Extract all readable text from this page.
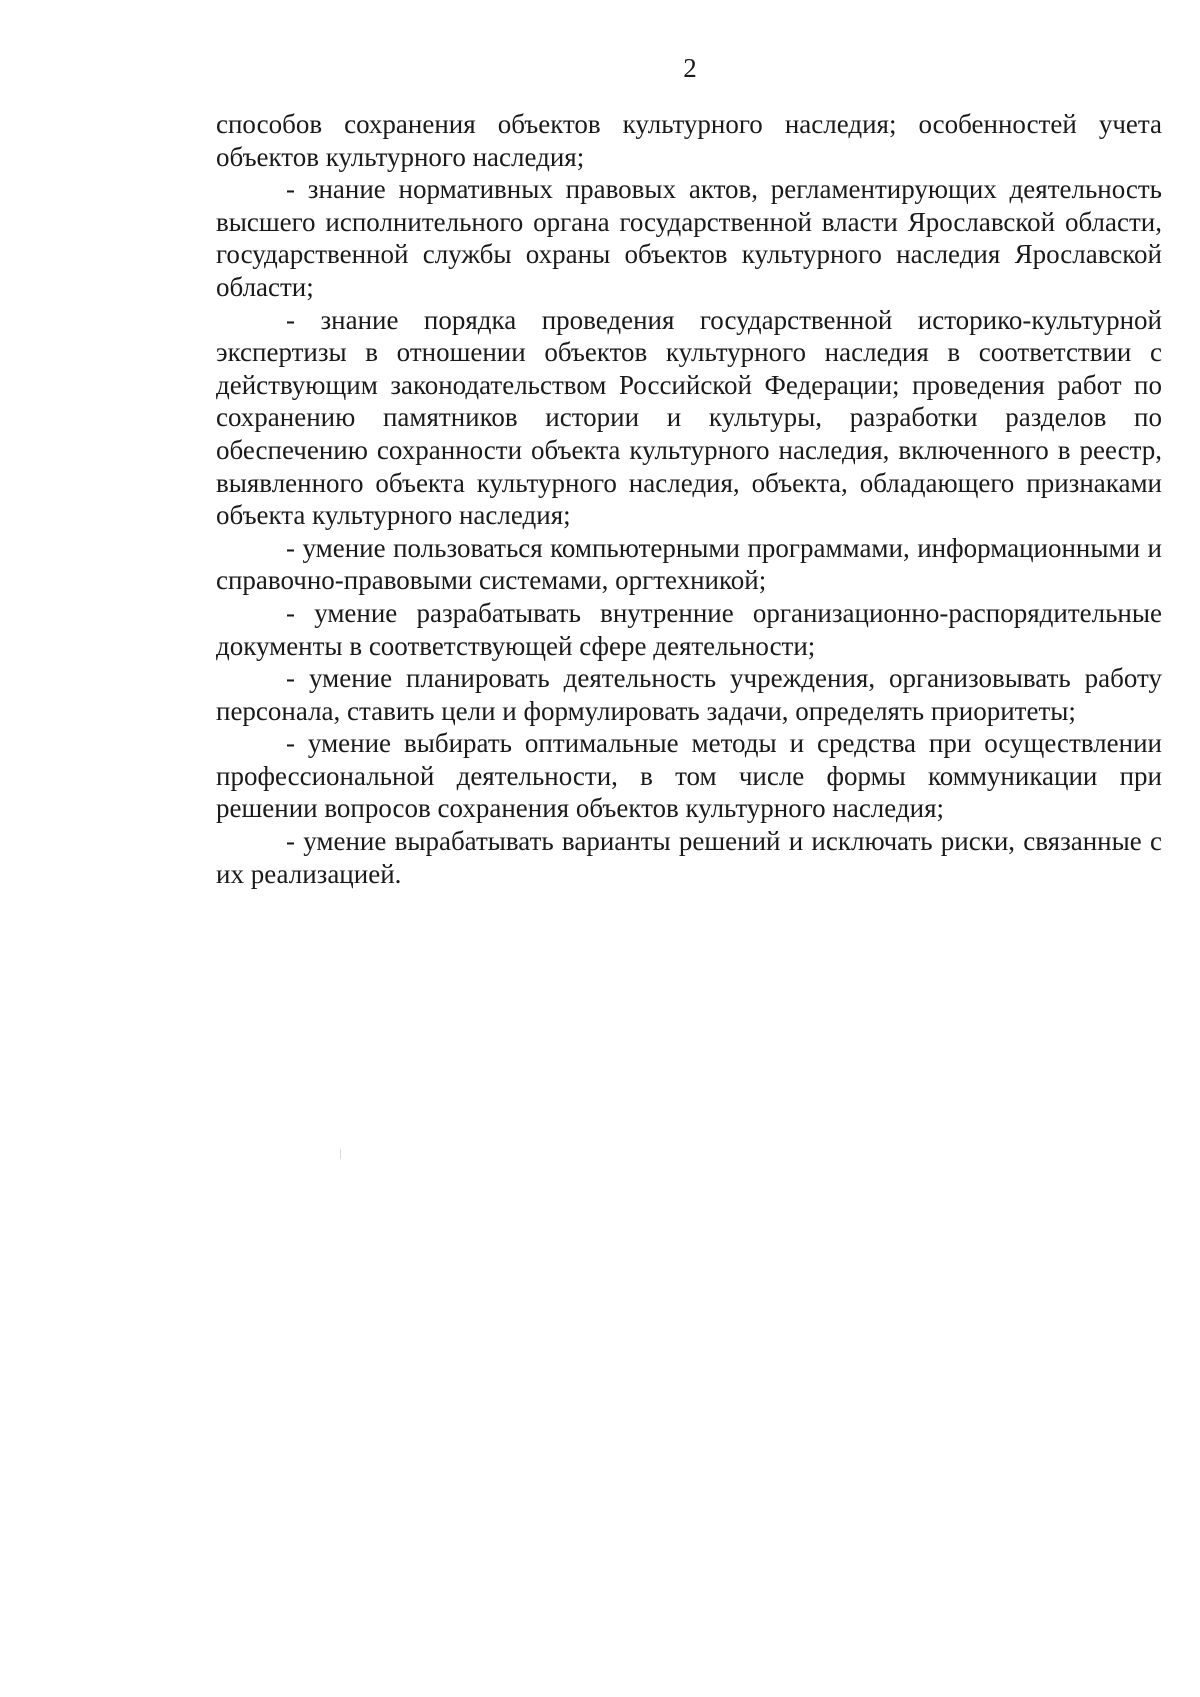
2

способов сохранения объектов культурного наследия; особенностей учета объектов культурного наследия;

- знание нормативных правовых актов, регламентирующих деятельность высшего исполнительного органа государственной власти Ярославской области, государственной службы охраны объектов культурного наследия Ярославской области;

- знание порядка проведения государственной историко-культурной экспертизы в отношении объектов культурного наследия в соответствии с действующим законодательством Российской Федерации; проведения работ по сохранению памятников истории и культуры, разработки разделов по обеспечению сохранности объекта культурного наследия, включенного в реестр, выявленного объекта культурного наследия, объекта, обладающего признаками объекта культурного наследия;

- умение пользоваться компьютерными программами, информационными и справочно-правовыми системами, оргтехникой;

- умение разрабатывать внутренние организационно-распорядительные документы в соответствующей сфере деятельности;

- умение планировать деятельность учреждения, организовывать работу персонала, ставить цели и формулировать задачи, определять приоритеты;

- умение выбирать оптимальные методы и средства при осуществлении профессиональной деятельности, в том числе формы коммуникации при решении вопросов сохранения объектов культурного наследия;

- умение вырабатывать варианты решений и исключать риски, связанные с их реализацией.
